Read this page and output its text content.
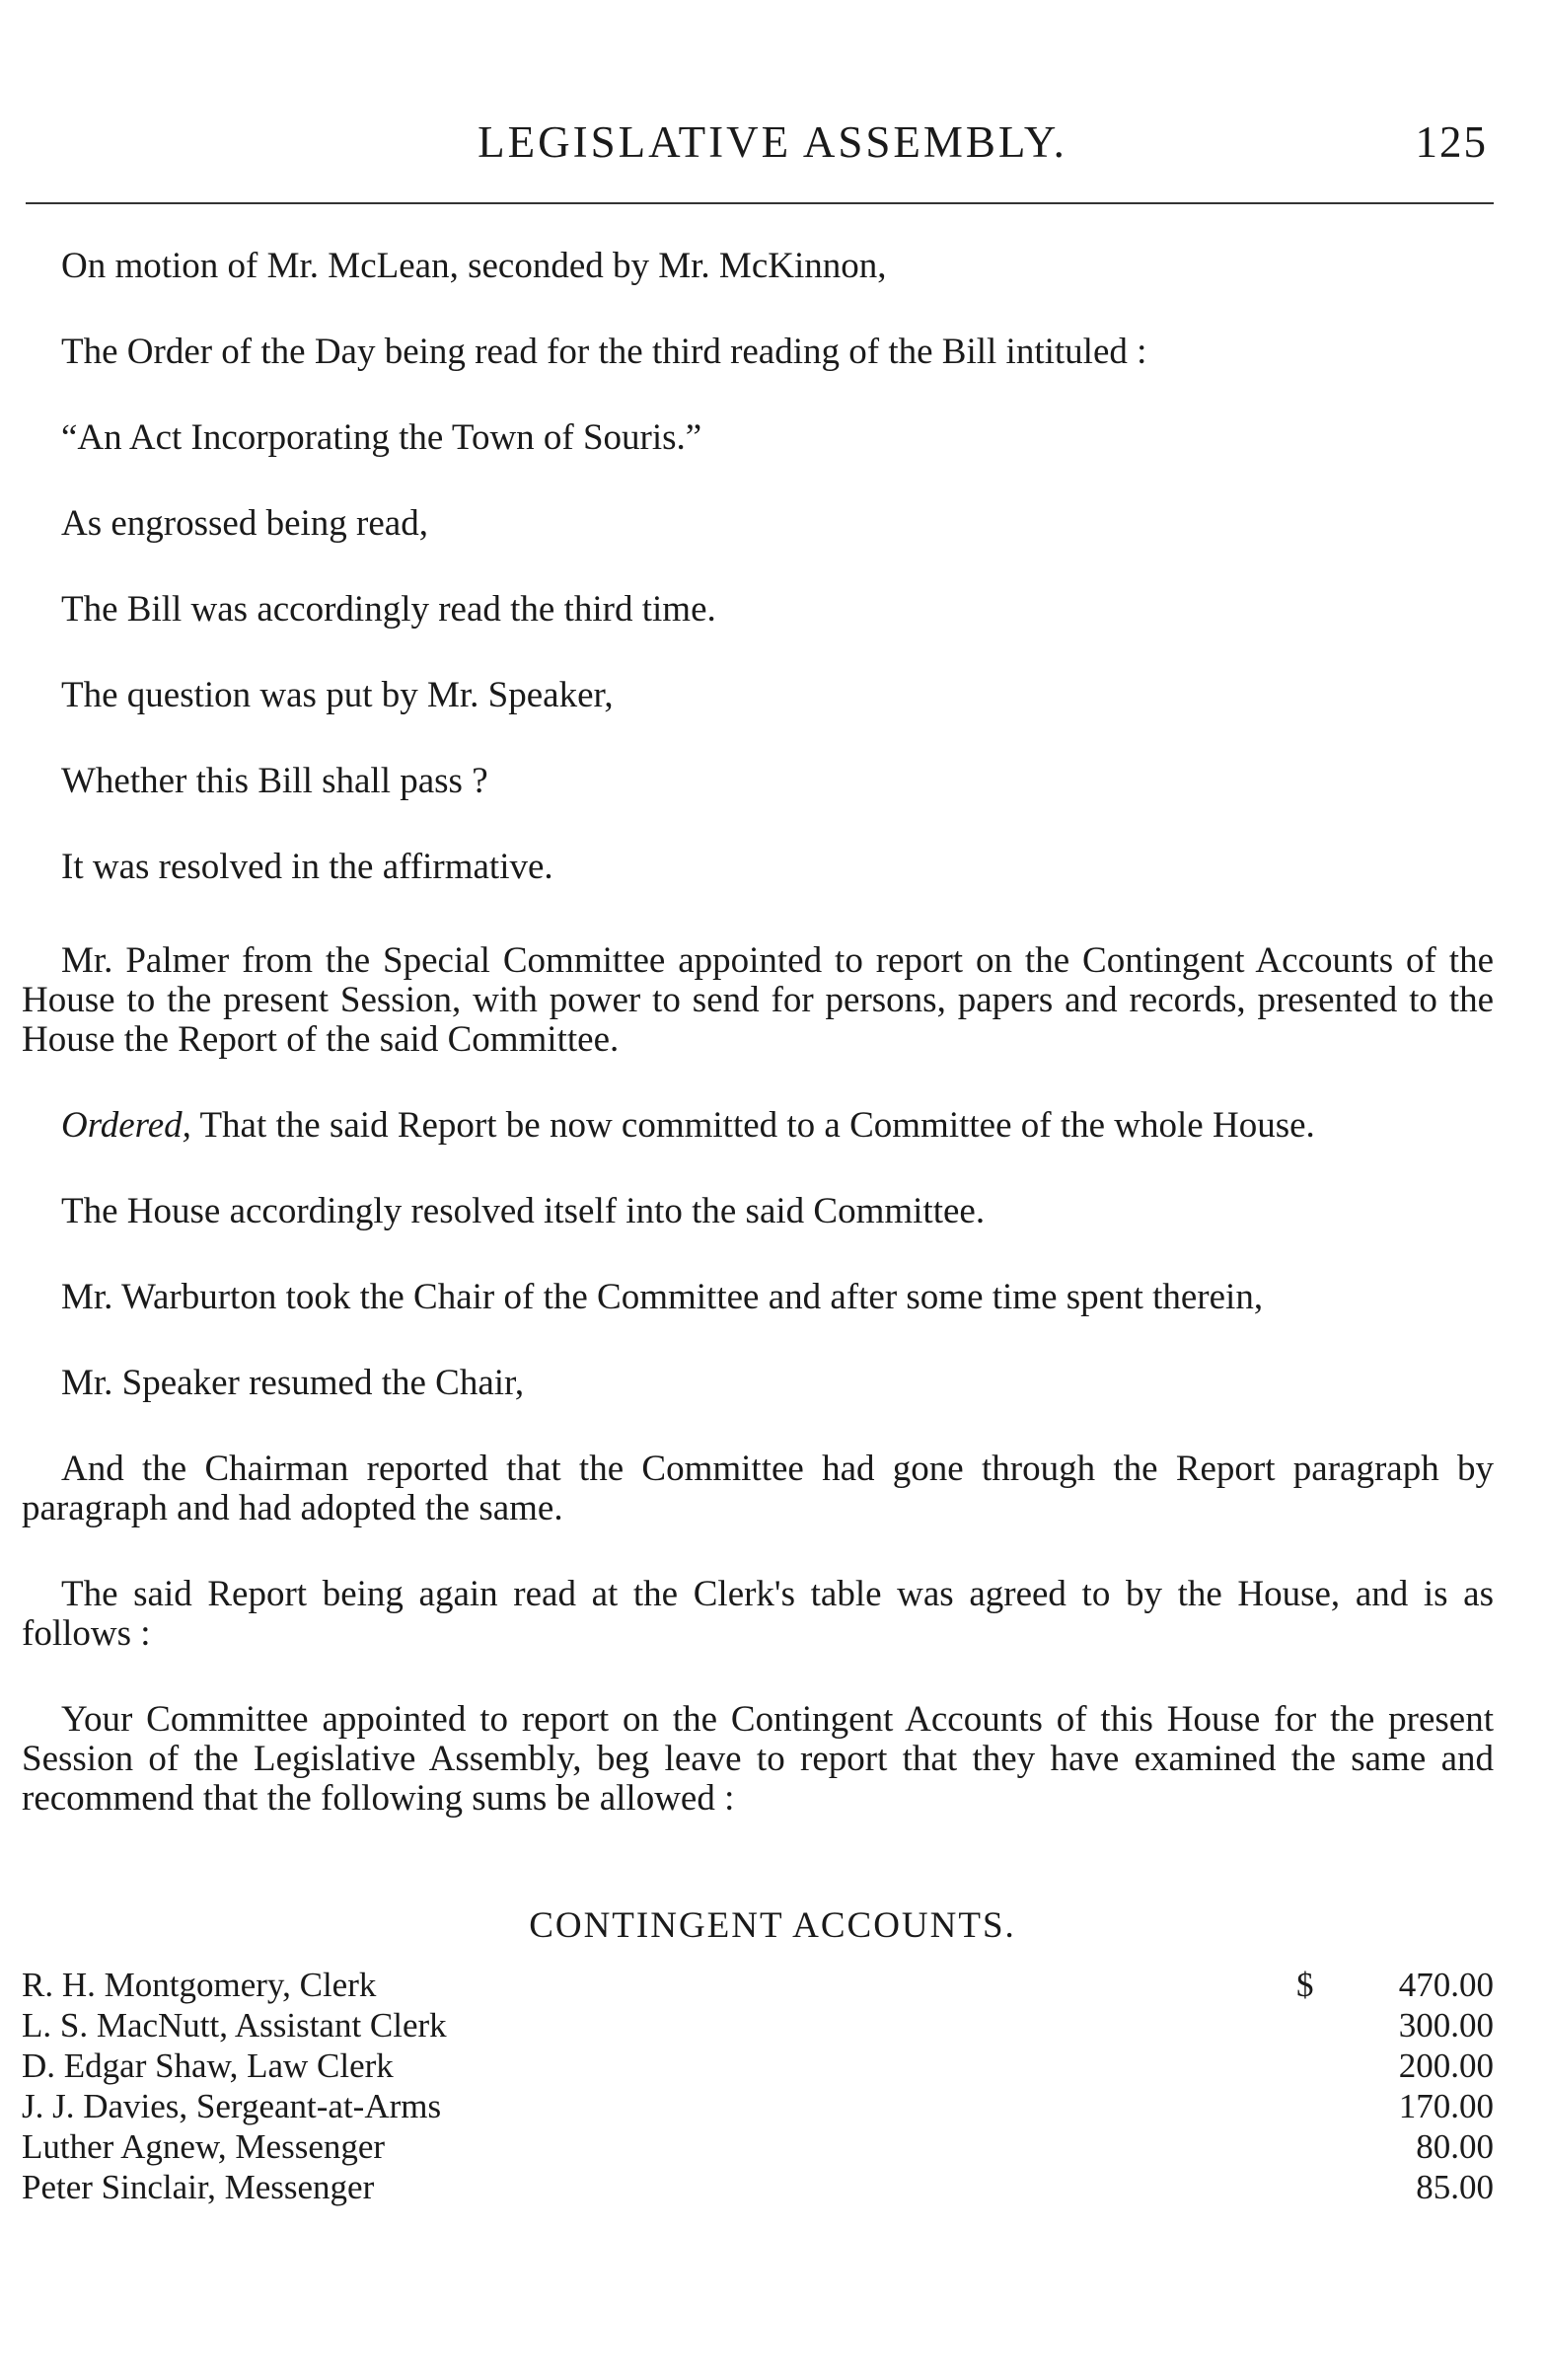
LEGISLATIVE ASSEMBLY.	125

On motion of Mr. McLean, seconded by Mr. McKinnon,

The Order of the Day being read for the third reading of the Bill intituled :

“An Act Incorporating the Town of Souris.”

As engrossed being read,

The Bill was accordingly read the third time.

The question was put by Mr. Speaker,

Whether this Bill shall pass ?

It was resolved in the affirmative.

Mr. Palmer from the Special Committee appointed to report on the Contingent Accounts of the House to the present Session, with power to send for persons, papers and records, presented to the House the Report of the said Committee.

Ordered, That the said Report be now committed to a Committee of the whole House.

The House accordingly resolved itself into the said Committee.

Mr. Warburton took the Chair of the Committee and after some time spent therein,

Mr. Speaker resumed the Chair,

And the Chairman reported that the Committee had gone through the Report paragraph by paragraph and had adopted the same.

The said Report being again read at the Clerk's table was agreed to by the House, and is as follows :

Your Committee appointed to report on the Contingent Accounts of this House for the present Session of the Legislative Assembly, beg leave to report that they have examined the same and recommend that the following sums be allowed :

CONTINGENT ACCOUNTS.
R. H. Montgomery, Clerk	$ 470.00
L. S. MacNutt, Assistant Clerk	300.00
D. Edgar Shaw, Law Clerk	200.00
J. J. Davies, Sergeant-at-Arms	170.00
Luther Agnew, Messenger	80.00
Peter Sinclair, Messenger	85.00
